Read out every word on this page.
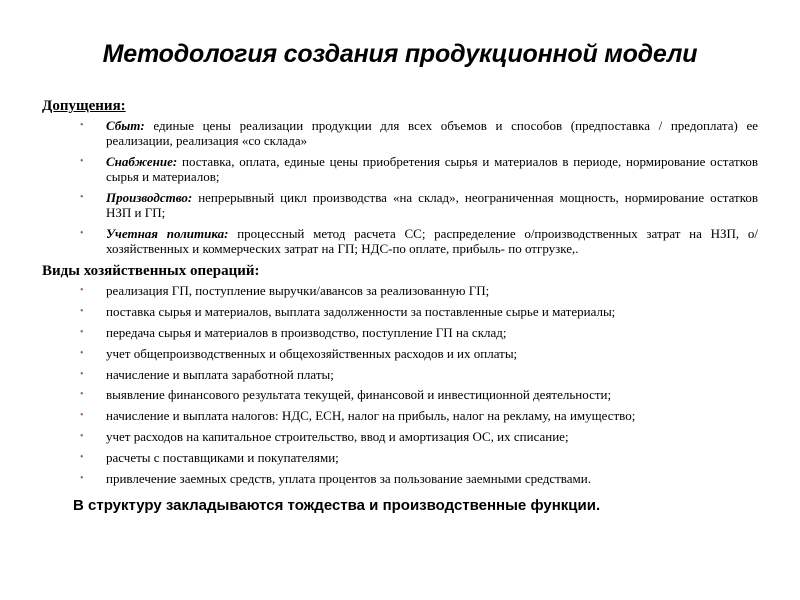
Методология создания продукционной модели
Допущения:
• Сбыт: единые цены реализации продукции для всех объемов и способов (предпоставка / предоплата) ее реализации, реализация «со склада»
• Снабжение: поставка, оплата, единые цены приобретения сырья и материалов в периоде, нормирование остатков сырья и материалов;
• Производство: непрерывный цикл производства «на склад», неограниченная мощность, нормирование остатков НЗП и ГП;
• Учетная политика: процессный метод расчета СС; распределение о/производственных затрат на НЗП, о/хозяйственных и коммерческих затрат на ГП; НДС-по оплате, прибыль- по отгрузке,.
Виды хозяйственных операций:
• реализация ГП, поступление выручки/авансов за реализованную ГП;
• поставка сырья и материалов, выплата задолженности за поставленные сырье и материалы;
• передача сырья и материалов в производство, поступление ГП на склад;
• учет общепроизводственных и общехозяйственных расходов и их оплаты;
• начисление и выплата заработной платы;
• выявление финансового результата текущей, финансовой и инвестиционной деятельности;
• начисление и выплата налогов: НДС, ЕСН, налог на прибыль, налог на рекламу, на имущество;
• учет расходов на капитальное строительство, ввод и амортизация ОС, их списание;
• расчеты с поставщиками и покупателями;
• привлечение заемных средств, уплата процентов за пользование заемными средствами.
В структуру закладываются тождества и производственные функции.
